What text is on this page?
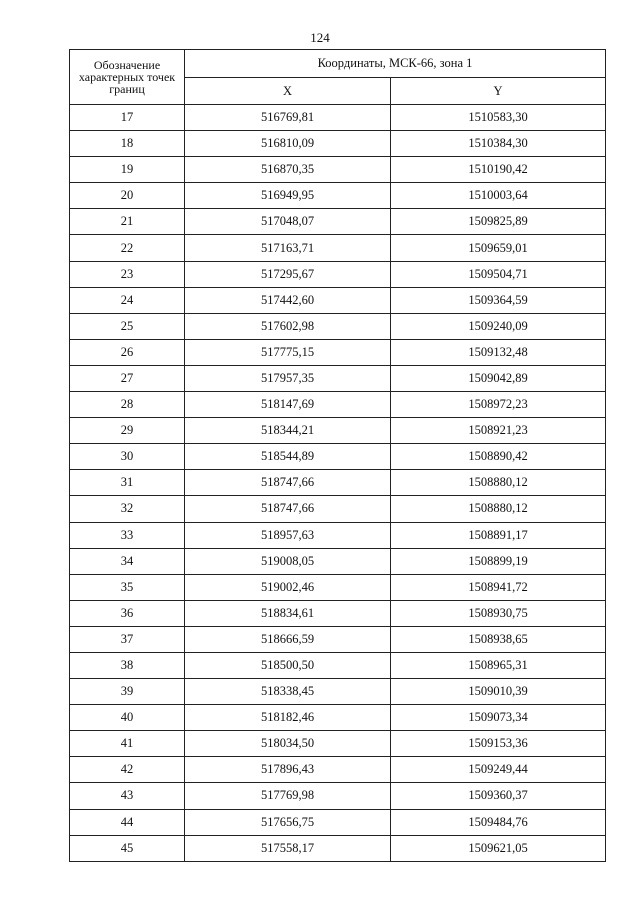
124
Обозначение характерных точек границ	Координаты, МСК-66, зона 1	
	X	Y
17	516769,81	1510583,30
18	516810,09	1510384,30
19	516870,35	1510190,42
20	516949,95	1510003,64
21	517048,07	1509825,89
22	517163,71	1509659,01
23	517295,67	1509504,71
24	517442,60	1509364,59
25	517602,98	1509240,09
26	517775,15	1509132,48
27	517957,35	1509042,89
28	518147,69	1508972,23
29	518344,21	1508921,23
30	518544,89	1508890,42
31	518747,66	1508880,12
32	518747,66	1508880,12
33	518957,63	1508891,17
34	519008,05	1508899,19
35	519002,46	1508941,72
36	518834,61	1508930,75
37	518666,59	1508938,65
38	518500,50	1508965,31
39	518338,45	1509010,39
40	518182,46	1509073,34
41	518034,50	1509153,36
42	517896,43	1509249,44
43	517769,98	1509360,37
44	517656,75	1509484,76
45	517558,17	1509621,05
